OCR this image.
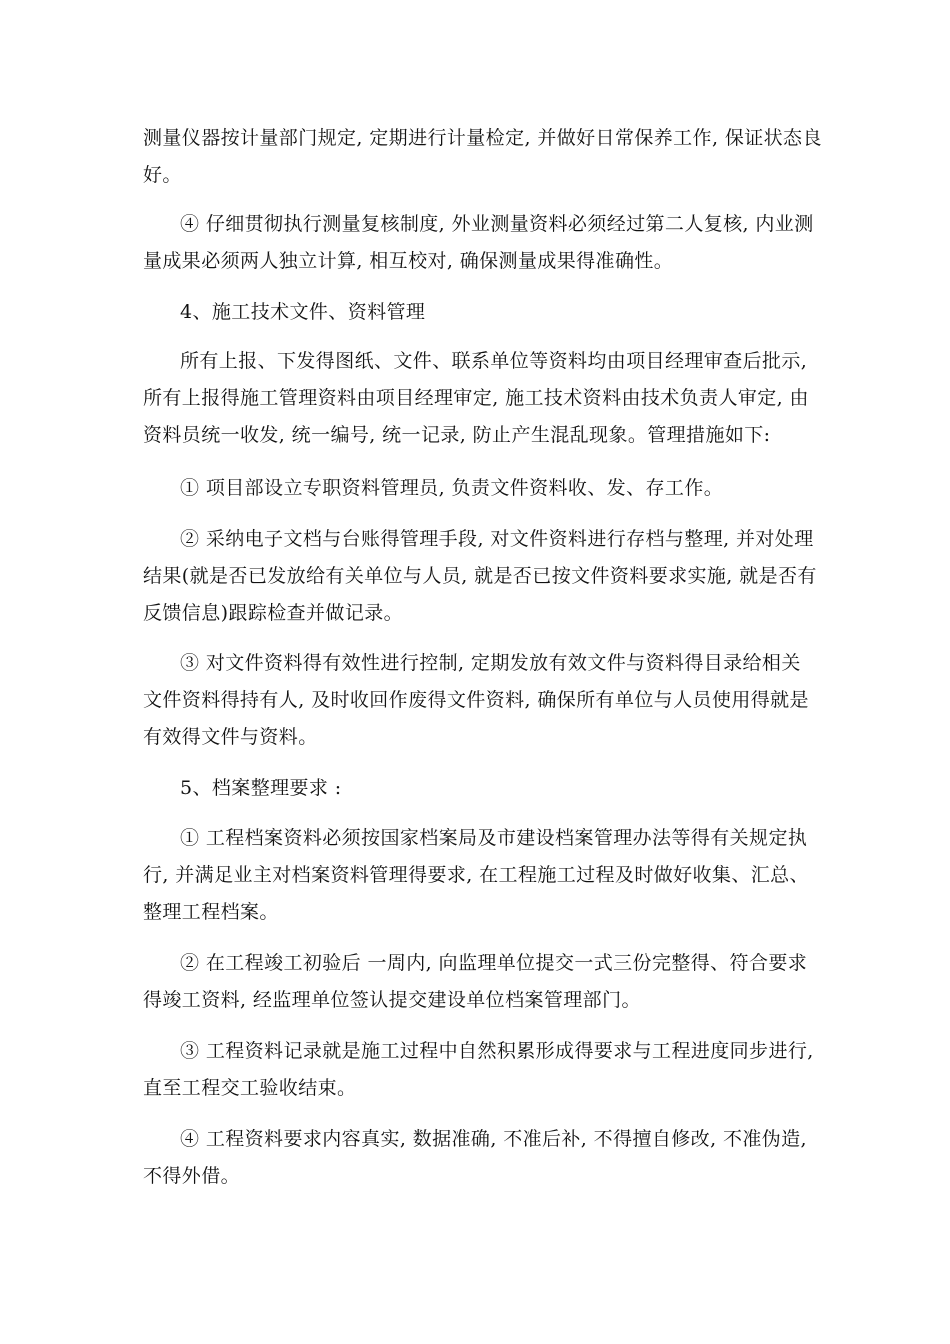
测量仪器按计量部门规定, 定期进行计量检定, 并做好日常保养工作, 保证状态良
好。
④ 仔细贯彻执行测量复核制度, 外业测量资料必须经过第二人复核, 内业测
量成果必须两人独立计算, 相互校对, 确保测量成果得准确性。
4、施工技术文件、资料管理
所有上报、下发得图纸、文件、联系单位等资料均由项目经理审查后批示,
所有上报得施工管理资料由项目经理审定, 施工技术资料由技术负责人审定, 由
资料员统一收发, 统一编号, 统一记录, 防止产生混乱现象。管理措施如下:
① 项目部设立专职资料管理员, 负责文件资料收、发、存工作。
② 采纳电子文档与台账得管理手段, 对文件资料进行存档与整理, 并对处理
结果(就是否已发放给有关单位与人员, 就是否已按文件资料要求实施, 就是否有
反馈信息)跟踪检查并做记录。
③ 对文件资料得有效性进行控制, 定期发放有效文件与资料得目录给相关
文件资料得持有人, 及时收回作废得文件资料, 确保所有单位与人员使用得就是
有效得文件与资料。
5、档案整理要求 :
① 工程档案资料必须按国家档案局及市建设档案管理办法等得有关规定执
行, 并满足业主对档案资料管理得要求, 在工程施工过程及时做好收集、汇总、
整理工程档案。
② 在工程竣工初验后 一周内, 向监理单位提交一式三份完整得、符合要求
得竣工资料, 经监理单位签认提交建设单位档案管理部门。
③ 工程资料记录就是施工过程中自然积累形成得要求与工程进度同步进行,
直至工程交工验收结束。
④ 工程资料要求内容真实, 数据准确, 不准后补, 不得擅自修改, 不准伪造,
不得外借。
